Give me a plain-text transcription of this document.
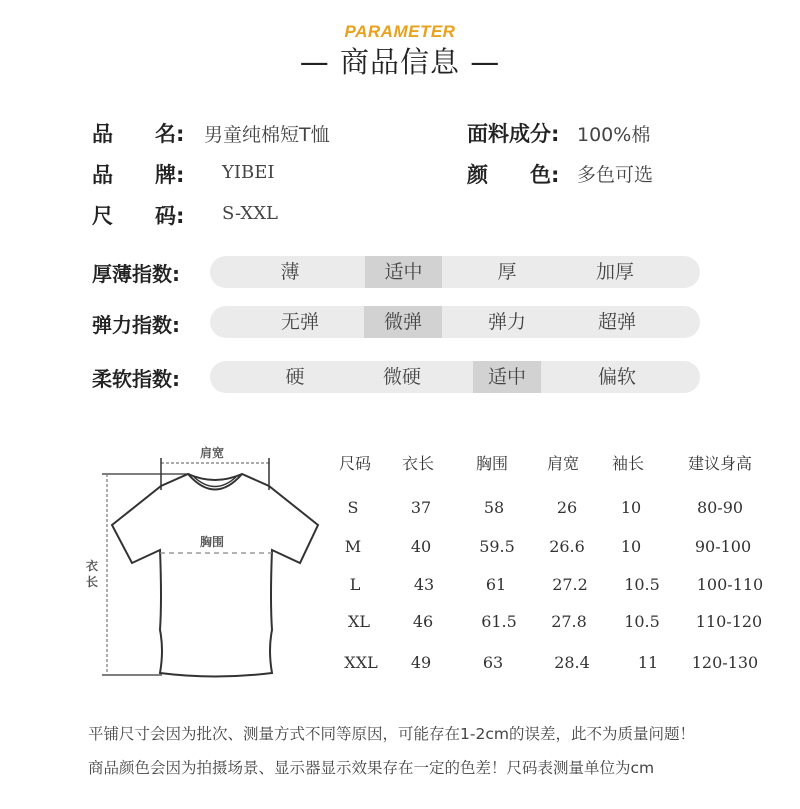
PARAMETER
— 商品信息 —
品　　名: 男童纯棉短T恤
品　　牌: YIBEI
尺　　码: S-XXL
面料成分: 100%棉
颜　　色: 多色可选
厚薄指数:	薄	适中	厚	加厚
弹力指数:	无弹	微弹	弹力	超弹
柔软指数:	硬	微硬	适中	偏软
肩宽
胸围
衣长
尺码	衣长	胸围	肩宽	袖长	建议身高
S	37	58	26	10	80-90
M	40	59.5	26.6	10	90-100
L	43	61	27.2	10.5	100-110
XL	46	61.5	27.8	10.5	110-120
XXL	49	63	28.4	11	120-130
平铺尺寸会因为批次、测量方式不同等原因，可能存在1-2cm的误差，此不为质量问题！
商品颜色会因为拍摄场景、显示器显示效果存在一定的色差！尺码表测量单位为cm
